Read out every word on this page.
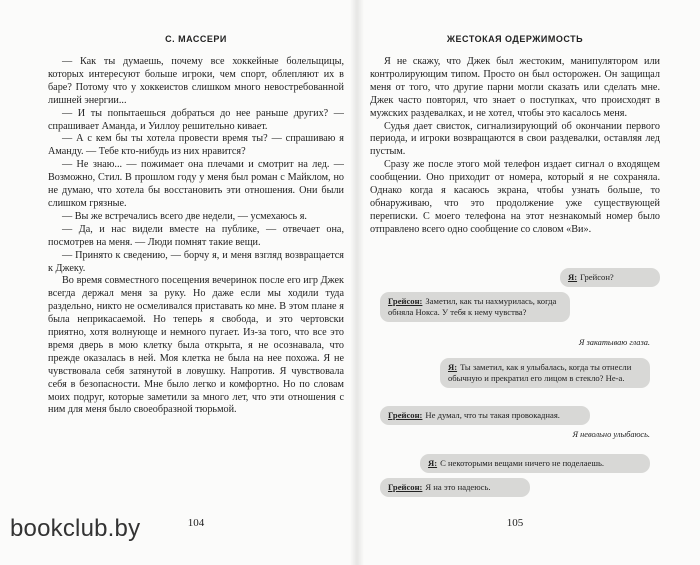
С. МАССЕРИ

— Как ты думаешь, почему все хоккейные болельщицы, которых интересуют больше игроки, чем спорт, облепляют их в баре? Потому что у хоккеистов слишком много невостребованной лишней энергии...

— И ты попытаешься добраться до нее раньше других? — спрашивает Аманда, и Уиллоу решительно кивает.

— А с кем бы ты хотела провести время ты? — спрашиваю я Аманду. — Тебе кто-нибудь из них нравится?

— Не знаю... — пожимает она плечами и смотрит на лед. — Возможно, Стил. В прошлом году у меня был роман с Майклом, но не думаю, что хотела бы восстановить эти отношения. Они были слишком грязные.

— Вы же встречались всего две недели, — усмехаюсь я.

— Да, и нас видели вместе на публике, — отвечает она, посмотрев на меня. — Люди помнят такие вещи.

— Принято к сведению, — борчу я, и меня взгляд возвращается к Джеку.

Во время совместного посещения вечеринок после его игр Джек всегда держал меня за руку. Но даже если мы ходили туда раздельно, никто не осмеливался приставать ко мне. В этом плане я была неприкасаемой. Но теперь я свобода, и это чертовски приятно, хотя волнующе и немного пугает. Из-за того, что все это время дверь в мою клетку была открыта, я не осознавала, что прежде оказалась в ней. Моя клетка не была на нее похожа. Я не чувствовала себя затянутой в ловушку. Напротив. Я чувствовала себя в безопасности. Мне было легко и комфортно. Но по словам моих подруг, которые заметили за много лет, что эти отношения с ним для меня было своеобразной тюрьмой.

104
ЖЕСТОКАЯ ОДЕРЖИМОСТЬ

Я не скажу, что Джек был жестоким, манипулятором или контролирующим типом. Просто он был осторожен. Он защищал меня от того, что другие парни могли сказать или сделать мне. Джек часто повторял, что знает о поступках, что происходят в мужских раздевалках, и не хотел, чтобы это касалось меня.

Судья дает свисток, сигнализирующий об окончании первого периода, и игроки возвращаются в свои раздевалки, оставляя лед пустым.

Сразу же после этого мой телефон издает сигнал о входящем сообщении. Оно приходит от номера, который я не сохраняла. Однако когда я касаюсь экрана, чтобы узнать больше, то обнаруживаю, что это продолжение уже существующей переписки. С моего телефона на этот незнакомый номер было отправлено всего одно сообщение со словом «Ви».

Я: Грейсон?
Грейсон: Заметил, как ты нахмурилась, когда обняла Нокса. У тебя к нему чувства?
Я закатываю глаза.
Я: Ты заметил, как я улыбалась, когда ты отнесли обычную и прекратил его лицом в стекло? Не-а.
Грейсон: Не думал, что ты такая провокадная.
Я невольно улыбаюсь.
Я: С некоторыми вещами ничего не поделаешь.
Грейсон: Я на это надеюсь.
105
bookclub.by
